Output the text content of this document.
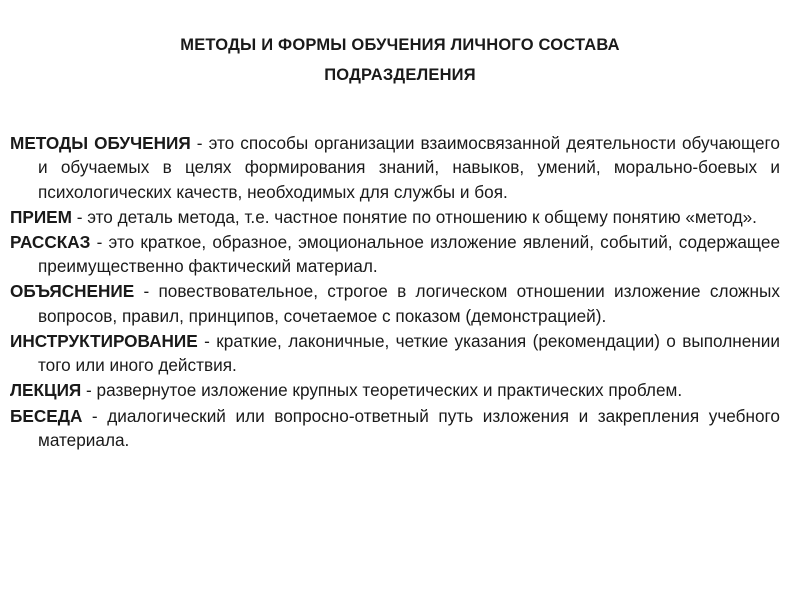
МЕТОДЫ И ФОРМЫ ОБУЧЕНИЯ ЛИЧНОГО СОСТАВА
ПОДРАЗДЕЛЕНИЯ
МЕТОДЫ ОБУЧЕНИЯ - это способы организации взаимосвязанной деятельности обучающего и обучаемых в целях формирования знаний, навыков, умений, морально-боевых и психологических качеств, необходимых для службы и боя.
ПРИЕМ - это деталь метода, т.е. частное понятие по отношению к общему понятию «метод».
РАССКАЗ - это краткое, образное, эмоциональное изложение явлений, событий, содержащее преимущественно фактический материал.
ОБЪЯСНЕНИЕ - повествовательное, строгое в логическом отношении изложение сложных вопросов, правил, принципов, сочетаемое с показом (демонстрацией).
ИНСТРУКТИРОВАНИЕ - краткие, лаконичные, четкие указания (рекомендации) о выполнении того или иного действия.
ЛЕКЦИЯ - развернутое изложение крупных теоретических и практических проблем.
БЕСЕДА - диалогический или вопросно-ответный путь изложения и закрепления учебного материала.
